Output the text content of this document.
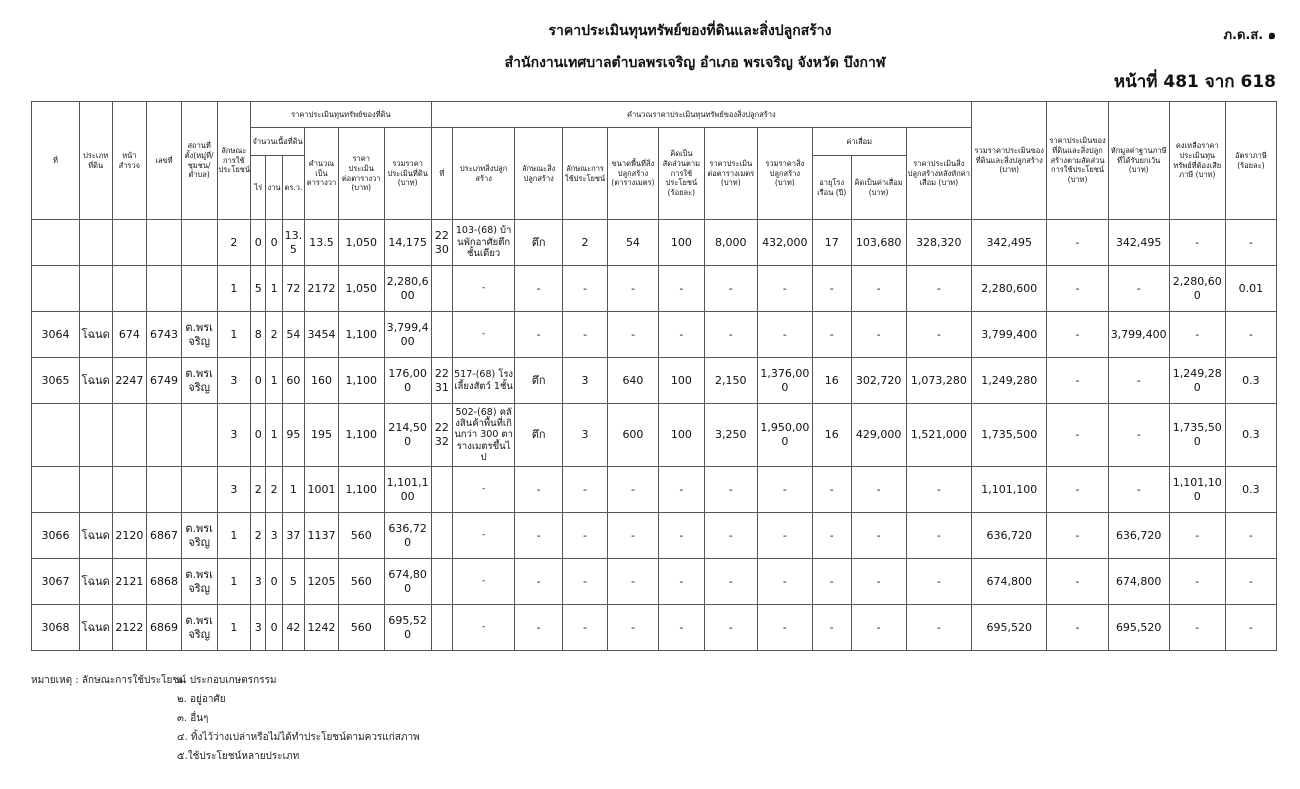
ราคาประเมินทุนทรัพย์ของที่ดินและสิ่งปลูกสร้าง
สำนักงานเทศบาลตำบลพรเจริญ อำเภอ พรเจริญ จังหวัด บึงกาฬ
ภ.ด.ส. ๑
หน้าที่ 481 จาก 618
ที่	ประเภทที่ดิน	หน้าสำรวจ	เลขที่	สถานที่ตั้ง(หมู่ที่/ชุมชน/ตำบล)	ลักษณะการใช้ประโยชน์	ราคาประเมินทุนทรัพย์ของที่ดิน						คำนวณราคาประเมินทุนทรัพย์ของสิ่งปลูกสร้าง											รวมราคาประเมินของที่ดินและสิ่งปลูกสร้าง (บาท)	ราคาประเมินของที่ดินและสิ่งปลูกสร้างตามสัดส่วนการใช้ประโยชน์ (บาท)	หักมูลค่าฐานภาษีที่ได้รับยกเว้น (บาท)	คงเหลือราคาประเมินทุนทรัพย์ที่ต้องเสียภาษี (บาท)	อัตราภาษี (ร้อยละ)
						จำนวนเนื้อที่ดิน			คำนวณเป็นตารางวา	ราคาประเมินต่อตารางวา (บาท)	รวมราคาประเมินที่ดิน (บาท)	ที่	ประเภทสิ่งปลูกสร้าง	ลักษณะสิ่งปลูกสร้าง	ลักษณะการใช้ประโยชน์	ขนาดพื้นที่สิ่งปลูกสร้าง (ตารางเมตร)	คิดเป็นสัดส่วนตามการใช้ประโยชน์ (ร้อยละ)	ราคาประเมินต่อตารางเมตร (บาท)	รวมราคาสิ่งปลูกสร้าง (บาท)	ค่าเสื่อม		ราคาประเมินสิ่งปลูกสร้างหลังหักค่าเสื่อม (บาท)					
						ไร่	งาน	ตร.ว.												อายุโรงเรือน (ปี)	คิดเป็นค่าเสื่อม (บาท)						
					2	0	0	13.5	13.5	1,050	14,175	22 30	103-(68) บ้านพักอาศัยตึกชั้นเดียว	ตึก	2	54	100	8,000	432,000	17	103,680	328,320	342,495	-	342,495	-	-
					1	5	1	72	2172	1,050	2,280,600		-	-	-	-	-	-	-	-	-	-	2,280,600	-	-	2,280,600	0.01
3064	โฉนด	674	6743	ต.พรเจริญ	1	8	2	54	3454	1,100	3,799,400		-	-	-	-	-	-	-	-	-	-	3,799,400	-	3,799,400	-	-
3065	โฉนด	2247	6749	ต.พรเจริญ	3	0	1	60	160	1,100	176,000	22 31	517-(68) โรงเลี้ยงสัตว์ 1ชั้น	ตึก	3	640	100	2,150	1,376,000	16	302,720	1,073,280	1,249,280	-	-	1,249,280	0.3
					3	0	1	95	195	1,100	214,500	22 32	502-(68) คลังสินค้าพื้นที่เกินกว่า 300 ตารางเมตรขึ้นไป	ตึก	3	600	100	3,250	1,950,000	16	429,000	1,521,000	1,735,500	-	-	1,735,500	0.3
					3	2	2	1	1001	1,100	1,101,100		-	-	-	-	-	-	-	-	-	-	1,101,100	-	-	1,101,100	0.3
3066	โฉนด	2120	6867	ต.พรเจริญ	1	2	3	37	1137	560	636,720		-	-	-	-	-	-	-	-	-	-	636,720	-	636,720	-	-
3067	โฉนด	2121	6868	ต.พรเจริญ	1	3	0	5	1205	560	674,800		-	-	-	-	-	-	-	-	-	-	674,800	-	674,800	-	-
3068	โฉนด	2122	6869	ต.พรเจริญ	1	3	0	42	1242	560	695,520		-	-	-	-	-	-	-	-	-	-	695,520	-	695,520	-	-
หมายเหตุ : ลักษณะการใช้ประโยชน์๑. ประกอบเกษตรกรรม
๒. อยู่อาศัย
๓. อื่นๆ
๔. ทิ้งไว้ว่างเปล่าหรือไม่ได้ทำประโยชน์ตามควรแก่สภาพ
๕.ใช้ประโยชน์หลายประเภท
